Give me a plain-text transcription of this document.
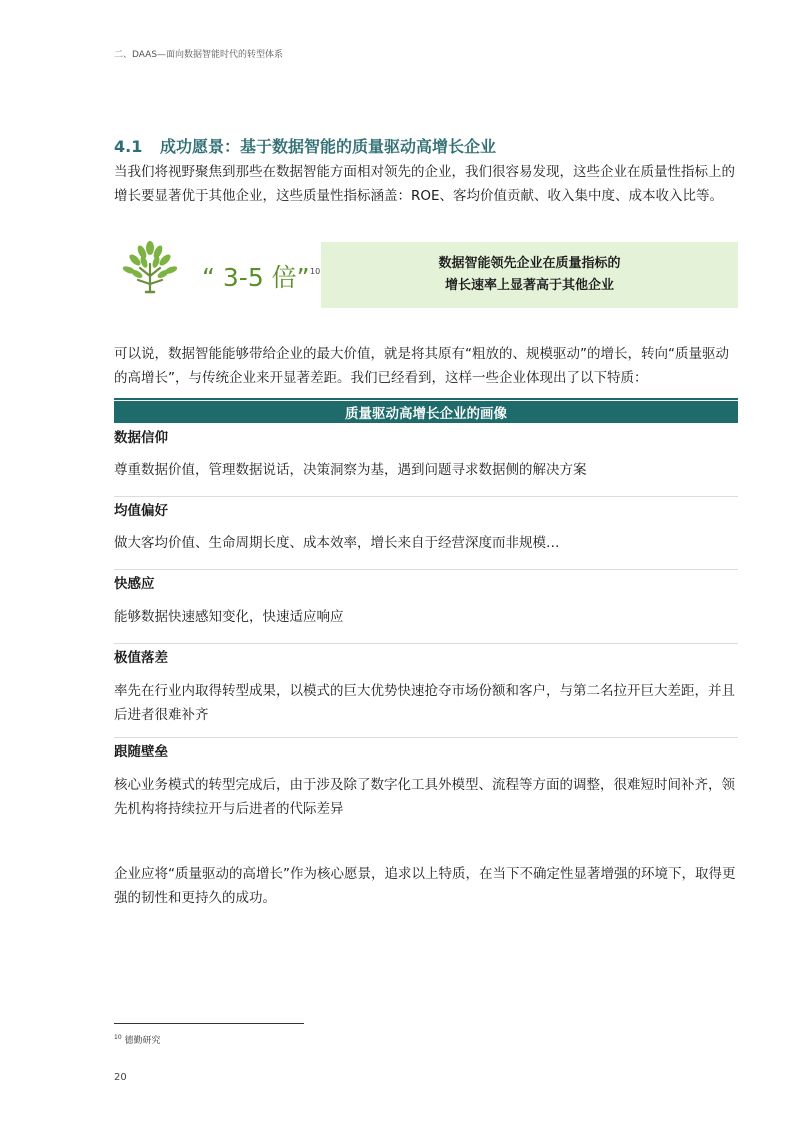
二、DAAS—面向数据智能时代的转型体系
4.1 成功愿景：基于数据智能的质量驱动高增长企业
当我们将视野聚焦到那些在数据智能方面相对领先的企业，我们很容易发现，这些企业在质量性指标上的增长要显著优于其他企业，这些质量性指标涵盖：ROE、客均价值贡献、收入集中度、成本收入比等。
“ 3-5 倍” 10
数据智能领先企业在质量指标的
增长速率上显著高于其他企业
可以说，数据智能能够带给企业的最大价值，就是将其原有“粗放的、规模驱动”的增长，转向“质量驱动的高增长”，与传统企业来开显著差距。我们已经看到，这样一些企业体现出了以下特质：
质量驱动高增长企业的画像
数据信仰
尊重数据价值，管理数据说话，决策洞察为基，遇到问题寻求数据侧的解决方案
均值偏好
做大客均价值、生命周期长度、成本效率，增长来自于经营深度而非规模…
快感应
能够数据快速感知变化，快速适应响应
极值落差
率先在行业内取得转型成果，以模式的巨大优势快速抢夺市场份额和客户，与第二名拉开巨大差距，并且后进者很难补齐
跟随壁垒
核心业务模式的转型完成后，由于涉及除了数字化工具外模型、流程等方面的调整，很难短时间补齐，领先机构将持续拉开与后进者的代际差异
企业应将“质量驱动的高增长”作为核心愿景，追求以上特质，在当下不确定性显著增强的环境下，取得更强的韧性和更持久的成功。
$^{10}$ 德勤研究
20
